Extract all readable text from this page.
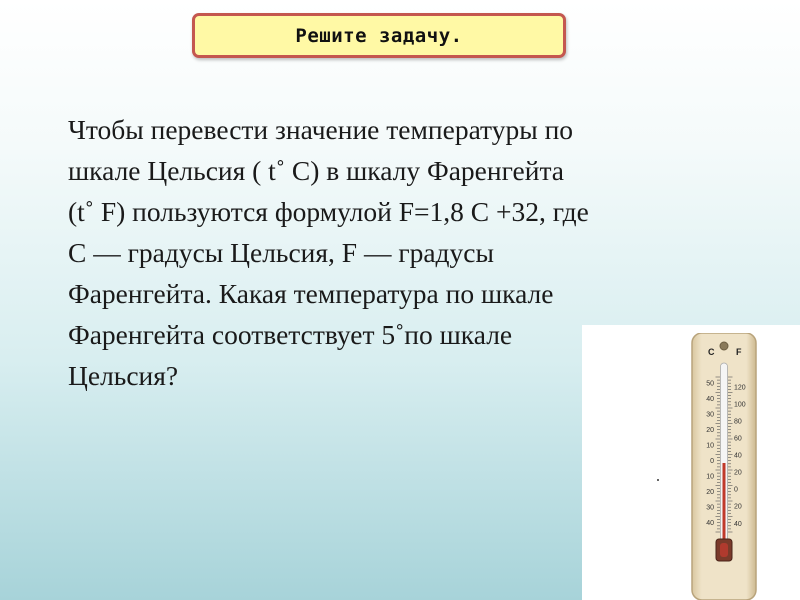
Решите задачу.
Чтобы перевести значение температуры по
шкале Цельсия ( t˚ C) в шкалу Фаренгейта
(t˚ F) пользуются формулой F=1,8 C +32, где
C — градусы Цельсия, F — градусы
Фаренгейта. Какая температура по шкале
Фаренгейта соответствует 5˚по шкале
Цельсия?
C F
50
40
30
20
10
0
10
20
30
40
120
100
80
60
40
20
0
20
40
